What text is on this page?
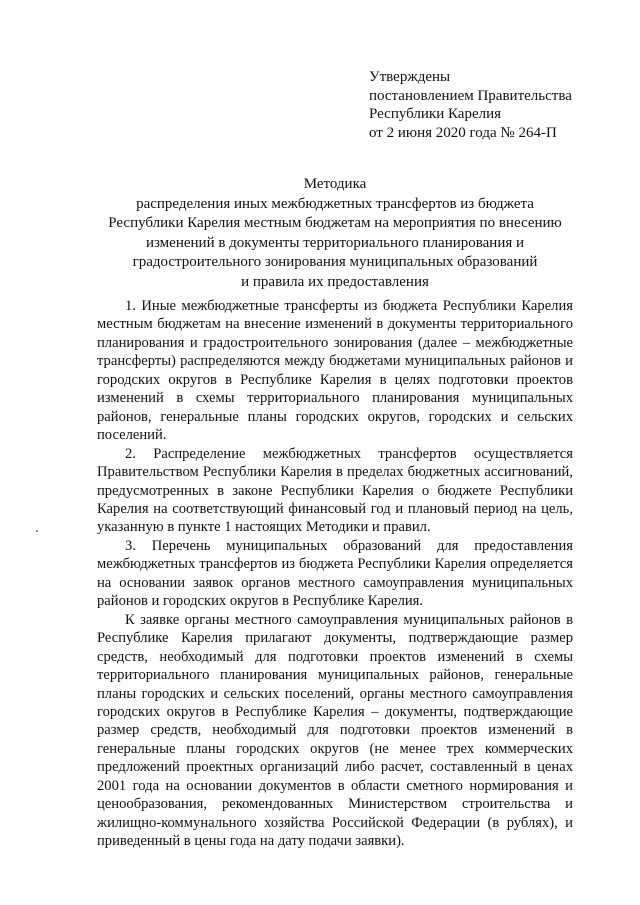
Утверждены
постановлением Правительства
Республики Карелия
от 2 июня 2020 года № 264-П
Методика
распределения иных межбюджетных трансфертов из бюджета
Республики Карелия местным бюджетам на мероприятия по внесению
изменений в документы территориального планирования и
градостроительного зонирования муниципальных образований
и правила их предоставления

1. Иные межбюджетные трансферты из бюджета Республики Карелия местным бюджетам на внесение изменений в документы территориального планирования и градостроительного зонирования (далее – межбюджетные трансферты) распределяются между бюджетами муниципальных районов и городских округов в Республике Карелия в целях подготовки проектов изменений в схемы территориального планирования муниципальных районов, генеральные планы городских округов, городских и сельских поселений.

2. Распределение межбюджетных трансфертов осуществляется Правительством Республики Карелия в пределах бюджетных ассигнований, предусмотренных в законе Республики Карелия о бюджете Республики Карелия на соответствующий финансовый год и плановый период на цель, указанную в пункте 1 настоящих Методики и правил.

3. Перечень муниципальных образований для предоставления межбюджетных трансфертов из бюджета Республики Карелия определяется на основании заявок органов местного самоуправления муниципальных районов и городских округов в Республике Карелия.

К заявке органы местного самоуправления муниципальных районов в Республике Карелия прилагают документы, подтверждающие размер средств, необходимый для подготовки проектов изменений в схемы территориального планирования муниципальных районов, генеральные планы городских и сельских поселений, органы местного самоуправления городских округов в Республике Карелия – документы, подтверждающие размер средств, необходимый для подготовки проектов изменений в генеральные планы городских округов (не менее трех коммерческих предложений проектных организаций либо расчет, составленный в ценах 2001 года на основании документов в области сметного нормирования и ценообразования, рекомендованных Министерством строительства и жилищно-коммунального хозяйства Российской Федерации (в рублях), и приведенный в цены года на дату подачи заявки).
